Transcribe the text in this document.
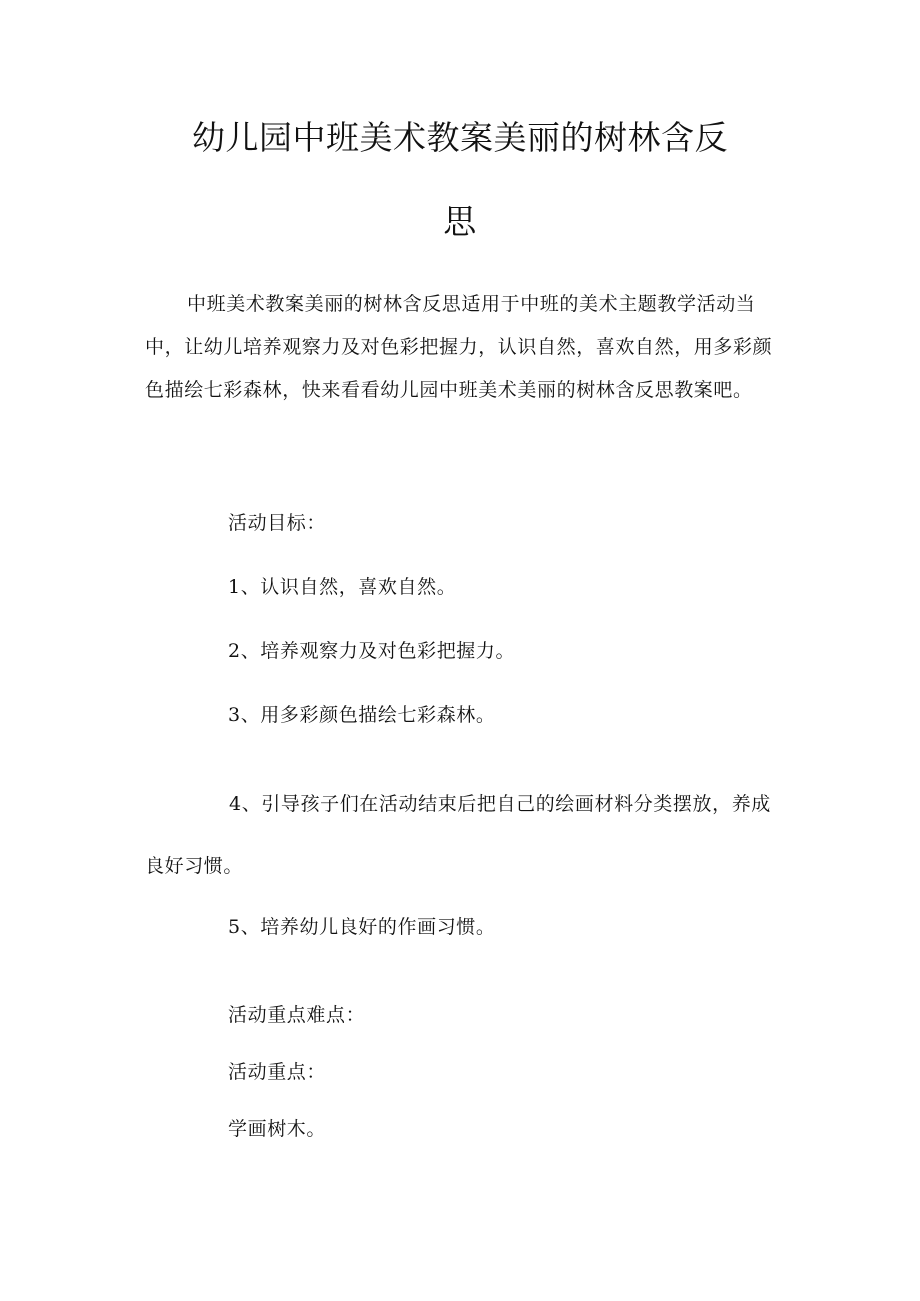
幼儿园中班美术教案美丽的树林含反
思
中班美术教案美丽的树林含反思适用于中班的美术主题教学活动当中，让幼儿培养观察力及对色彩把握力，认识自然，喜欢自然，用多彩颜色描绘七彩森林，快来看看幼儿园中班美术美丽的树林含反思教案吧。
活动目标：
1、认识自然，喜欢自然。
2、培养观察力及对色彩把握力。
3、用多彩颜色描绘七彩森林。
4、引导孩子们在活动结束后把自己的绘画材料分类摆放，养成良好习惯。
5、培养幼儿良好的作画习惯。
活动重点难点：
活动重点：
学画树木。
